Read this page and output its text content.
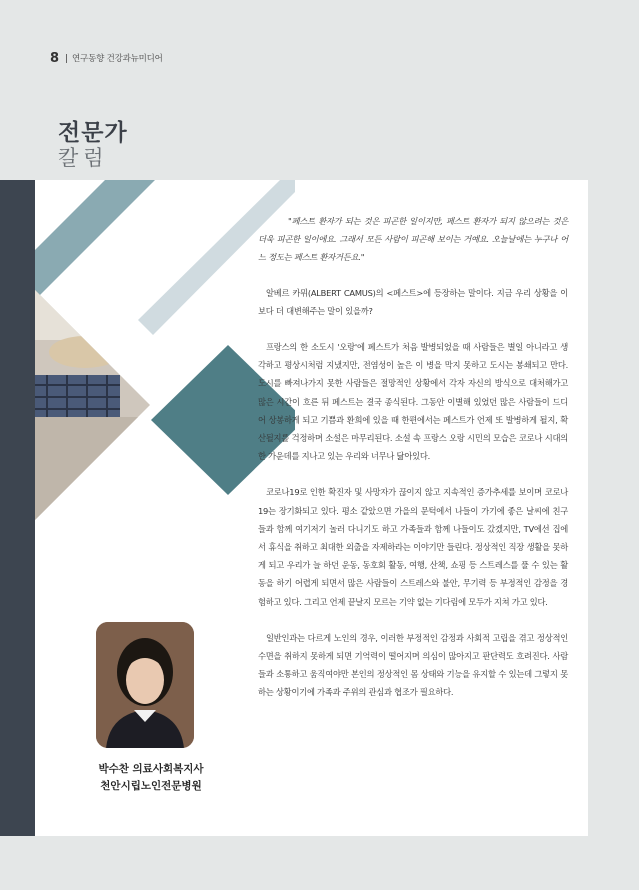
8 연구동향 건강과뉴미디어
전문가
칼럼
박수찬 의료사회복지사
천안시립노인전문병원

"페스트 환자가 되는 것은 피곤한 일이지만, 페스트 환자가 되지 않으려는 것은 더욱 피곤한 일이에요. 그래서 모든 사람이 피곤해 보이는 거예요. 오늘날에는 누구나 어느 정도는 페스트 환자거든요."

알베르 카뮈(ALBERT CAMUS)의 <페스트>에 등장하는 말이다. 지금 우리 상황을 이보다 더 대변해주는 말이 있을까?

프랑스의 한 소도시 '오랑'에 페스트가 처음 발병되었을 때 사람들은 별일 아니라고 생각하고 평상시처럼 지냈지만, 전염성이 높은 이 병을 막지 못하고 도시는 봉쇄되고 만다. 도시를 빠져나가지 못한 사람들은 절망적인 상황에서 각자 자신의 방식으로 대처해가고 많은 시간이 흐른 뒤 페스트는 결국 종식된다. 그동안 이별해 있었던 많은 사람들이 드디어 상봉하게 되고 기쁨과 환희에 있을 때 한편에서는 페스트가 언제 또 발병하게 될지, 확산될지를 걱정하며 소설은 마무리된다. 소설 속 프랑스 오랑 시민의 모습은 코로나 시대의 한 가운데를 지나고 있는 우리와 너무나 닮아있다.

코로나19로 인한 확진자 및 사망자가 끊이지 않고 지속적인 증가추세를 보이며 코로나19는 장기화되고 있다. 평소 같았으면 가을의 문턱에서 나들이 가기에 좋은 날씨에 친구들과 함께 여기저기 놀러 다니기도 하고 가족들과 함께 나들이도 갔겠지만, TV에선 집에서 휴식을 취하고 최대한 외출을 자제하라는 이야기만 들린다. 정상적인 직장 생활을 못하게 되고 우리가 늘 하던 운동, 동호회 활동, 여행, 산책, 쇼핑 등 스트레스를 풀 수 있는 활동을 하기 어렵게 되면서 많은 사람들이 스트레스와 불안, 무기력 등 부정적인 감정을 경험하고 있다. 그리고 언제 끝날지 모르는 기약 없는 기다림에 모두가 지쳐 가고 있다.

일반인과는 다르게 노인의 경우, 이러한 부정적인 감정과 사회적 고립을 겪고 정상적인 수면을 취하지 못하게 되면 기억력이 떨어지며 의심이 많아지고 판단력도 흐려진다. 사람들과 소통하고 움직여야만 본인의 정상적인 몸 상태와 기능을 유지할 수 있는데 그렇지 못하는 상황이기에 가족과 주위의 관심과 협조가 필요하다.
